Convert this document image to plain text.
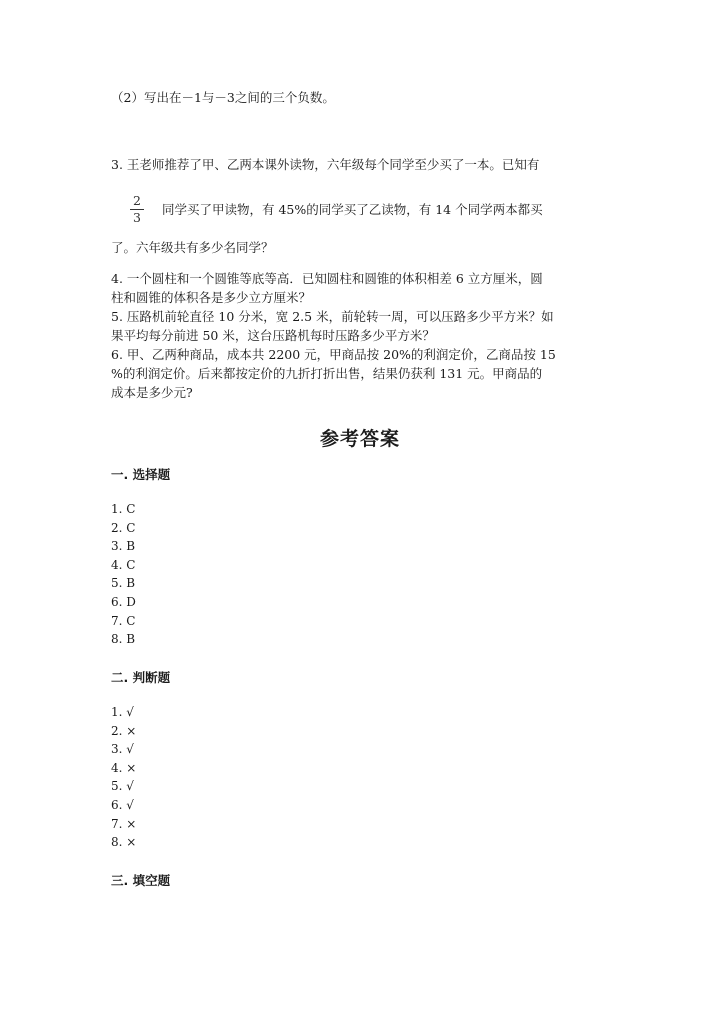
（2）写出在－1与－3之间的三个负数。
3. 王老师推荐了甲、乙两本课外读物，六年级每个同学至少买了一本。已知有
2
3
同学买了甲读物，有 45%的同学买了乙读物，有 14 个同学两本都买
了。六年级共有多少名同学？
4. 一个圆柱和一个圆锥等底等高．已知圆柱和圆锥的体积相差 6 立方厘米，圆
柱和圆锥的体积各是多少立方厘米？
5. 压路机前轮直径 10 分米，宽 2.5 米，前轮转一周，可以压路多少平方米？如
果平均每分前进 50 米，这台压路机每时压路多少平方米？
6. 甲、乙两种商品，成本共 2200 元，甲商品按 20%的利润定价，乙商品按 15
%的利润定价。后来都按定价的九折打折出售，结果仍获利 131 元。甲商品的
成本是多少元?
参考答案
一. 选择题
1. C
2. C
3. B
4. C
5. B
6. D
7. C
8. B
二. 判断题
1. √
2. ×
3. √
4. ×
5. √
6. √
7. ×
8. ×
三. 填空题
